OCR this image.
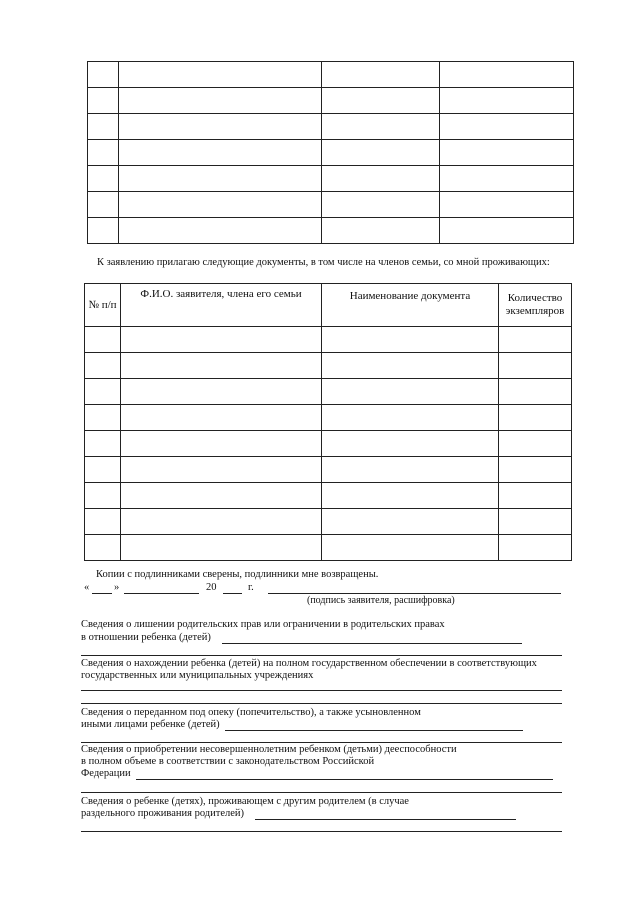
К заявлению прилагаю следующие документы, в том числе на членов семьи, со мной проживающих:
№ п/п	Ф.И.О. заявителя, члена его семьи	Наименование документа	Количество экземпляров

Копии с подлинниками сверены, подлинники мне возвращены.
« »	20	г.
(подпись заявителя, расшифровка)
Сведения о лишении родительских прав или ограничении в родительских правах
в отношении ребенка (детей)
Сведения о нахождении ребенка (детей) на полном государственном обеспечении в соответствующих
государственных или муниципальных учреждениях
Сведения о переданном под опеку (попечительство), а также усыновленном
иными лицами ребенке (детей)
Сведения о приобретении несовершеннолетним ребенком (детьми) дееспособности
в полном объеме в соответствии с законодательством Российской
Федерации
Сведения о ребенке (детях), проживающем с другим родителем (в случае
раздельного проживания родителей)
